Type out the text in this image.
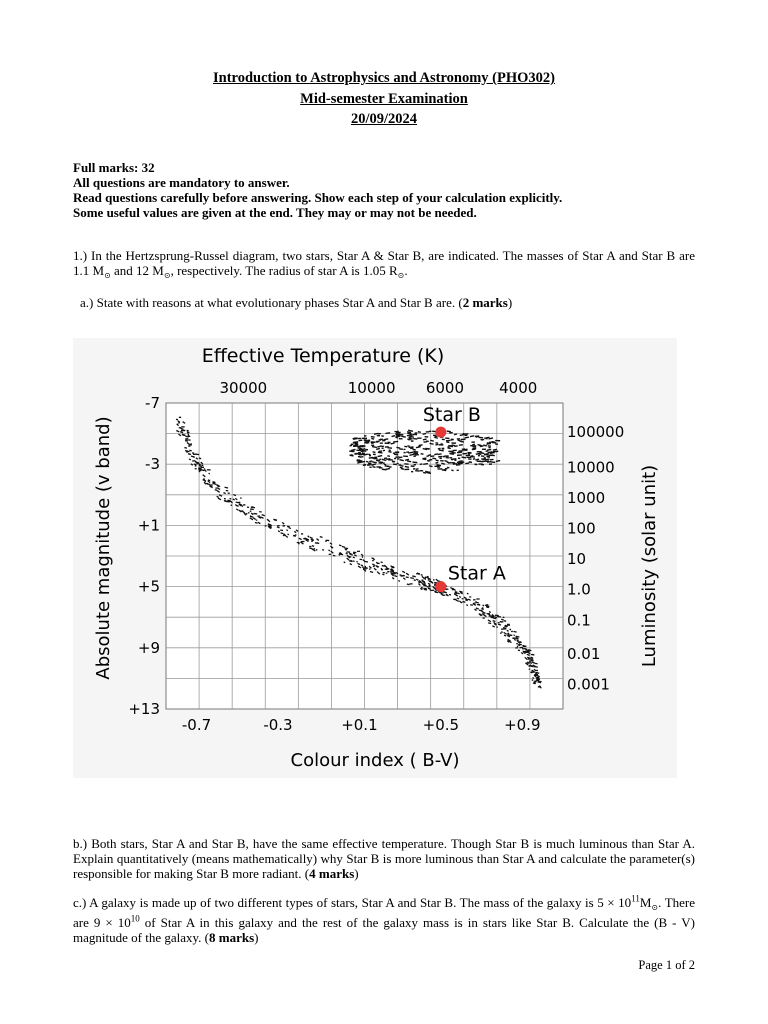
Introduction to Astrophysics and Astronomy (PHO302)
Mid-semester Examination
20/09/2024
Full marks: 32
All questions are mandatory to answer.
Read questions carefully before answering. Show each step of your calculation explicitly.
Some useful values are given at the end. They may or may not be needed.
1.) In the Hertzsprung-Russel diagram, two stars, Star A & Star B, are indicated. The masses of Star A and Star B are 1.1 $M_⊙$ and 12 $M_⊙$, respectively. The radius of star A is 1.05 $R_⊙$.
a.) State with reasons at what evolutionary phases Star A and Star B are. (2 marks)
-0.7	-0.3	+0.1	+0.5	+0.9
-7
-3
+1
+5
+9
+13
30000	10000 6000 4000
100000
10000
1000
100
10
1.0
0.1
0.01
0.001
Star A
Star B
Effective Temperature (K)
Colour index ( B-V)
Absolute magnitude (v band)	Luminosity (solar unit)
b.) Both stars, Star A and Star B, have the same effective temperature. Though Star B is much luminous than Star A. Explain quantitatively (means mathematically) why Star B is more luminous than Star A and calculate the parameter(s) responsible for making Star B more radiant. (4 marks)
c.) A galaxy is made up of two different types of stars, Star A and Star B. The mass of the galaxy is $5 \times 10^{11}M_⊙$. There are $9 \times 10^{10}$ of Star A in this galaxy and the rest of the galaxy mass is in stars like Star B. Calculate the (B - V) magnitude of the galaxy. (8 marks)
Page 1 of 2
